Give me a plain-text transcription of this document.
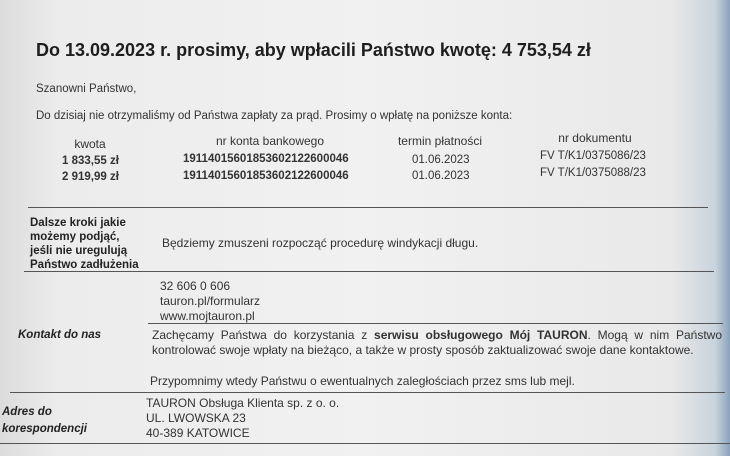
Do 13.09.2023 r. prosimy, aby wpłacili Państwo kwotę: 4 753,54 zł
Szanowni Państwo,
Do dzisiaj nie otrzymaliśmy od Państwa zapłaty za prąd. Prosimy o wpłatę na poniższe konta:
kwota	nr konta bankowego	termin płatności	nr dokumentu
1 833,55 zł	19114015601853602122600046	01.06.2023	FV T/K1/0375086/23
2 919,99 zł	19114015601853602122600046	01.06.2023	FV T/K1/0375088/23
Dalsze kroki jakie
możemy podjąć,
jeśli nie uregulują
Państwo zadłużenia
Będziemy zmuszeni rozpocząć procedurę windykacji długu.
Kontakt do nas
32 606 0 606
tauron.pl/formularz
www.mojtauron.pl
Zachęcamy Państwa do korzystania z serwisu obsługowego Mój TAURON. Mogą w nim Państwo kontrolować swoje wpłaty na bieżąco, a także w prosty sposób zaktualizować swoje dane kontaktowe.
Przypomnimy wtedy Państwu o ewentualnych zaległościach przez sms lub mejl.
Adres do
korespondencji
TAURON Obsługa Klienta sp. z o. o.
UL. LWOWSKA 23
40-389 KATOWICE
